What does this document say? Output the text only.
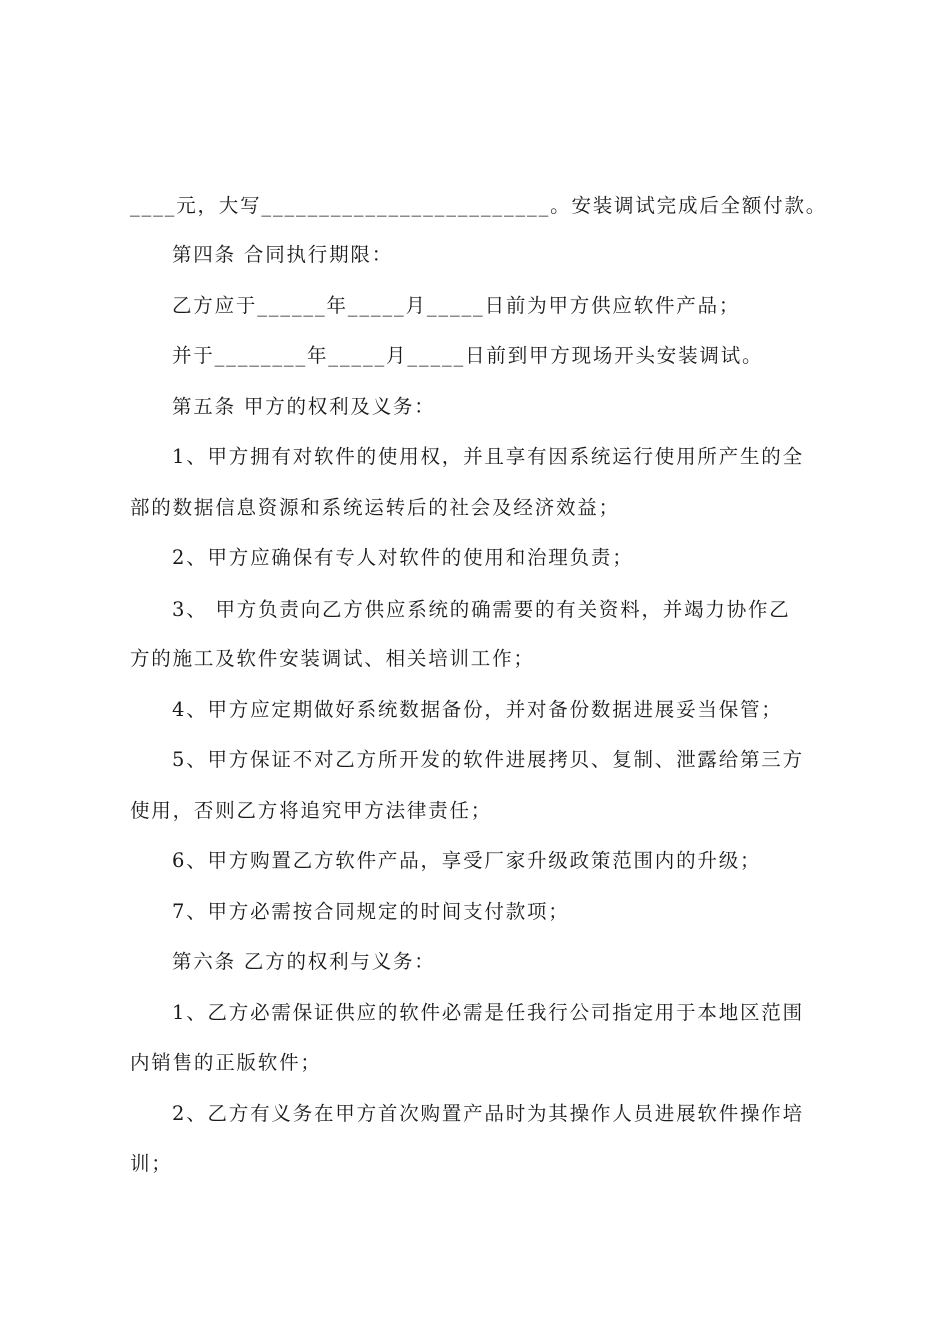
____元，大写_________________________。安装调试完成后全额付款。
第四条 合同执行期限：
乙方应于______年_____月_____日前为甲方供应软件产品；
并于________年_____月_____日前到甲方现场开头安装调试。
第五条 甲方的权利及义务：
1、甲方拥有对软件的使用权，并且享有因系统运行使用所产生的全
部的数据信息资源和系统运转后的社会及经济效益；
2、甲方应确保有专人对软件的使用和治理负责；
3、 甲方负责向乙方供应系统的确需要的有关资料，并竭力协作乙
方的施工及软件安装调试、相关培训工作；
4、甲方应定期做好系统数据备份，并对备份数据进展妥当保管；
5、甲方保证不对乙方所开发的软件进展拷贝、复制、泄露给第三方
使用，否则乙方将追究甲方法律责任；
6、甲方购置乙方软件产品，享受厂家升级政策范围内的升级；
7、甲方必需按合同规定的时间支付款项；
第六条 乙方的权利与义务：
1、乙方必需保证供应的软件必需是任我行公司指定用于本地区范围
内销售的正版软件；
2、乙方有义务在甲方首次购置产品时为其操作人员进展软件操作培
训；
